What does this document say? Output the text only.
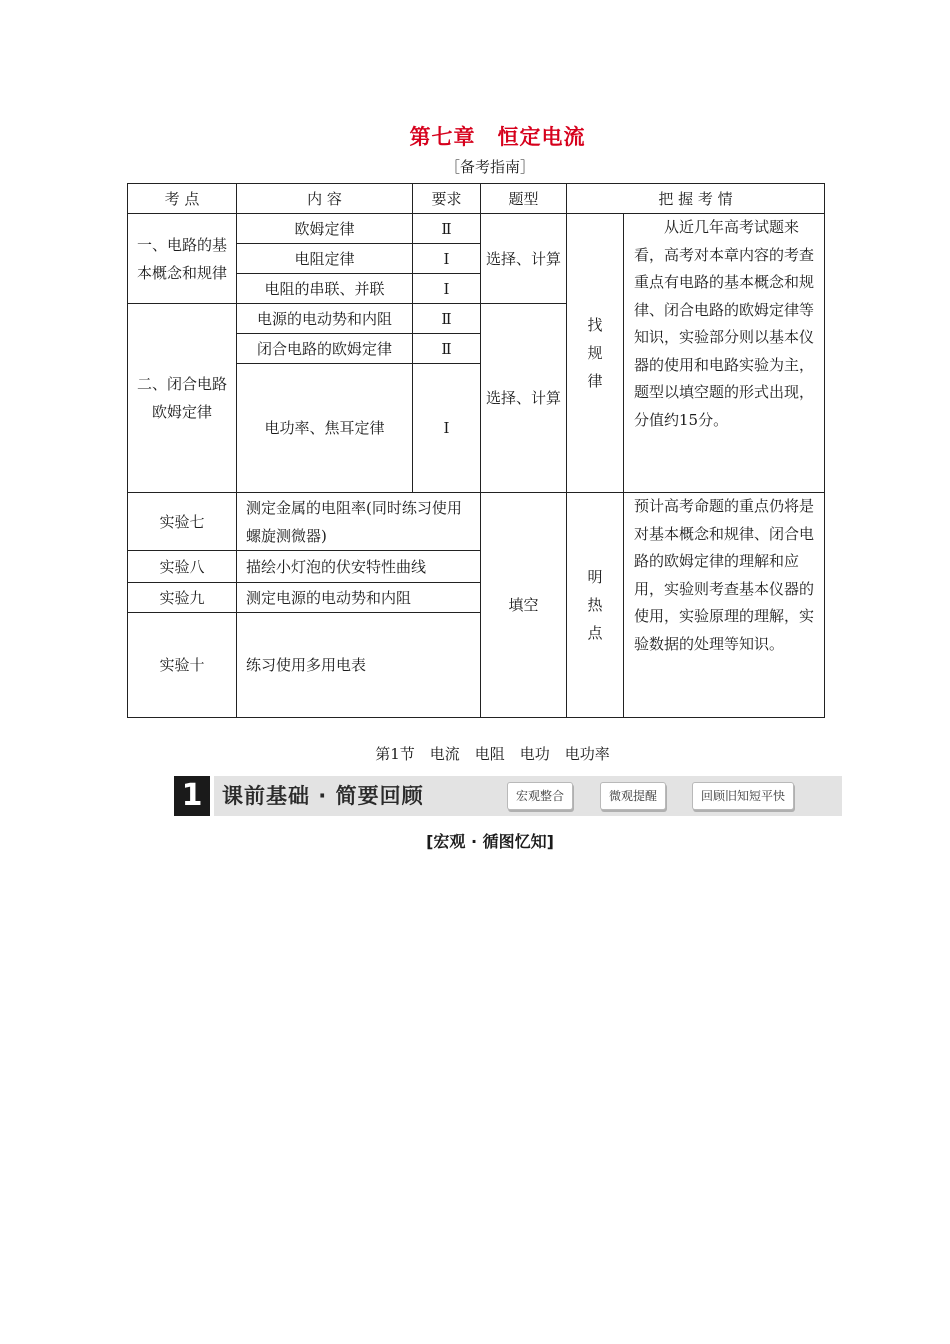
第七章　恒定电流
［备考指南］
考 点	内 容	要求	题型	把 握 考 情	
一、电路的基本概念和规律	欧姆定律	Ⅱ	选择、计算	找规律	从近几年高考试题来看，高考对本章内容的考查重点有电路的基本概念和规律、闭合电路的欧姆定律等知识，实验部分则以基本仪器的使用和电路实验为主，题型以填空题的形式出现，分值约15分。

	电阻定律	Ⅰ			
	电阻的串联、并联	Ⅰ			
二、闭合电路欧姆定律	电源的电动势和内阻	Ⅱ	选择、计算		
	闭合电路的欧姆定律	Ⅱ			
	电功率、焦耳定律	Ⅰ			
实验七	测定金属的电阻率(同时练习使用螺旋测微器)		填空	明热点	预计高考命题的重点仍将是对基本概念和规律、闭合电路的欧姆定律的理解和应用，实验则考查基本仪器的使用，实验原理的理解，实验数据的处理等知识。

实验八	描绘小灯泡的伏安特性曲线				
实验九	测定电源的电动势和内阻				
实验十	练习使用多用电表				
第1节　电流　电阻　电功　电功率
1 课前基础 · 简要回顾	宏观整合	微观提醒	回顾旧知短平快
[宏观 · 循图忆知]
